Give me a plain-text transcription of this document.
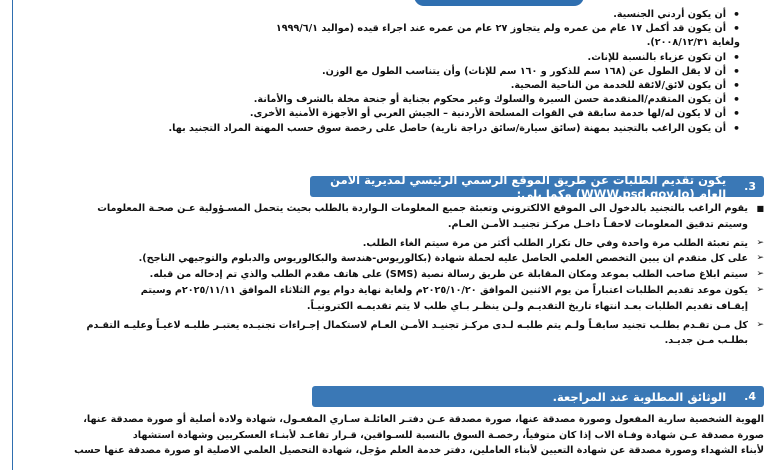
• أن يكون أردني الجنسية.
• أن يكون قد أكمل ١٧ عام من عمره ولم يتجاوز ٢٧ عام من عمره عند اجراء قيده (مواليد ١٩٩٩/٦/١
ولغاية ٢٠٠٨/١٢/٣١).
• ان تكون عزباء بالنسبة للإناث.
• أن لا يقل الطول عن (١٦٨ سم للذكور و ١٦٠ سم للإناث) وأن يتناسب الطول مع الوزن.
• أن يكون لائق/لائقة للخدمة من الناحية الصحية.
• أن يكون المتقدم/المتقدمة حسن السيرة والسلوك وغير محكوم بجناية أو جنحة مخلة بالشرف والأمانة.
• أن لا يكون له/لها خدمة سابقة في القوات المسلحة الأردنية – الجيش العربي أو الأجهزة الأمنية الأخرى.
• أن يكون الراغب بالتجنيد بمهنة (سائق سيارة/سائق دراجة نارية) حاصل على رخصة سوق حسب المهنة المراد التجنيد بها.
3.
يكون تقديم الطلبات عن طريق الموقع الرسمي الرئيسي لمديرية الأمن العام (WWW.psd.gov.Jo) وكما يلي:
■ يقوم الراغب بالتجنيد بالدخول الى الموقع الالكتروني وتعبئة جميع المعلومات الـواردة بالطلب بحيث يتحمل المسـؤولية عـن صحـة المعلومات
وسيتم تدقيق المعلومات لاحقـاً داخـل مركـز تجنيـد الأمـن العـام.
➢ يتم تعبئة الطلب مرة واحدة وفي حال تكرار الطلب أكثر من مرة سيتم الغاء الطلب.
➢ على كل متقدم ان يبين التخصص العلمي الحاصل عليه لحملة شهادة (بكالوريوس-هندسة والبكالوريوس والدبلوم والتوجيهي الناجح).
➢ سيتم ابلاغ صاحب الطلب بموعد ومكان المقابلة عن طريق رسالة نصية (SMS) على هاتف مقدم الطلب والذي تم إدخاله من قبله.
➢ يكون موعد تقديم الطلبات اعتباراً من يوم الاثنين الموافق ٢٠٢٥/١٠/٢٠م ولغاية نهاية دوام يوم الثلاثاء الموافق ٢٠٢٥/١١/١١م وسيتم
إيقـاف تقديم الطلبات بعـد انتهاء تاريخ التقديـم ولـن ينظـر بـاي طلب لا يتم تقديمـه الكترونيـاً.
➢ كل مـن تقـدم بطلـب تجنيد سابقـاً ولـم يتم طلبـه لـدى مركـز تجنيـد الأمـن العـام لاستكمال إجـراءات تجنيـده يعتبـر طلبـه لاغيـاً وعليـه التقـدم
بطلـب مـن جديـد.
4.
الوثائق المطلوبة عند المراجعة.
الهوية الشخصية سارية المفعول وصورة مصدقة عنها، صورة مصدقة عـن دفتـر العائلـة سـاري المفعـول، شهادة ولادة أصلية أو صورة مصدقة عنها،
صورة مصدقة عـن شهادة وفـاة الاب إذا كان متوفياً، رخصـة السوق بالنسبة للسـواقين، قـرار تقاعـد لأبنـاء العسكريين وشهادة استشهاد
لأبناء الشهداء وصورة مصدقة عن شهادة التعيين لأبناء العاملين، دفتر خدمة العلم مؤجل، شهادة التحصيل العلمي الاصلية او صورة مصدقة عنها حسب
